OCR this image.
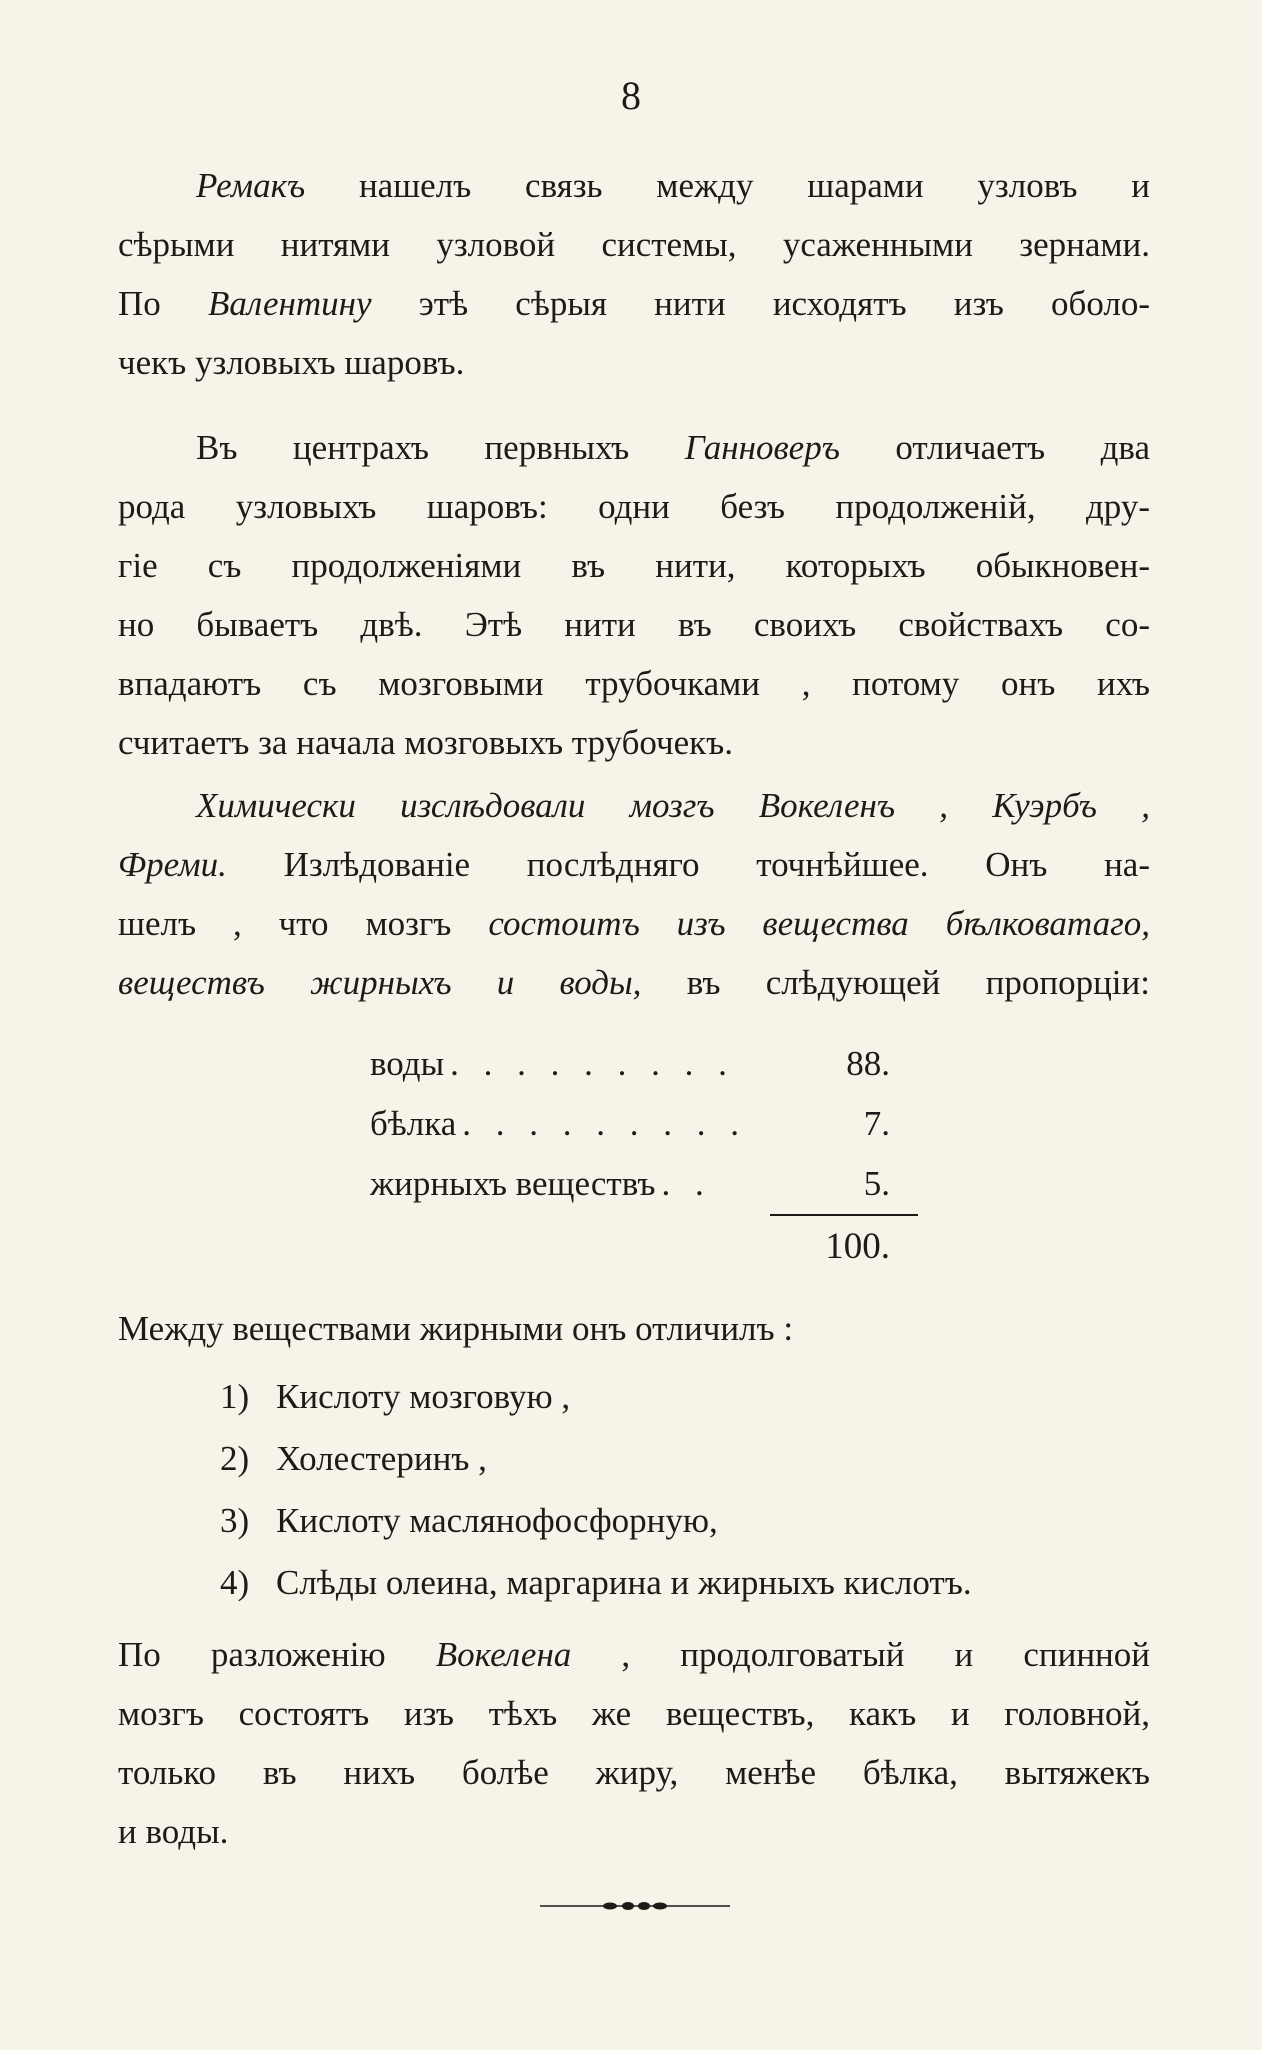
8
Ремакъ нашелъ связь между шарами узловъ и
сѣрыми нитями узловой системы, усаженными зернами.
По Валентину этѣ сѣрыя нити исходятъ изъ оболо-
чекъ узловыхъ шаровъ.
Въ центрахъ первныхъ Ганноверъ отличаетъ два
рода узловыхъ шаровъ: одни безъ продолженій, дру-
гіе съ продолженіями въ нити, которыхъ обыкновен-
но бываетъ двѣ. Этѣ нити въ своихъ свойствахъ со-
впадаютъ съ мозговыми трубочками , потому онъ ихъ
считаетъ за начала мозговыхъ трубочекъ.
Химически изслѣдовали мозгъ Вокеленъ , Куэрбъ ,
Фреми. Излѣдованіе послѣдняго точнѣйшее. Онъ на-
шелъ , что мозгъ состоитъ изъ вещества бѣлковатаго,
веществъ жирныхъ и воды, въ слѣдующей пропорціи:
воды . . . . . . . . .	88.
бѣлка . . . . . . . . .	7.
жирныхъ веществъ . .	5.
100.
Между веществами жирными онъ отличилъ :
1) Кислоту мозговую ,
2) Холестеринъ ,
3) Кислоту маслянофосфорную,
4) Слѣды олеина, маргарина и жирныхъ кислотъ.
По разложенію Вокелена , продолговатый и спинной
мозгъ состоятъ изъ тѣхъ же веществъ, какъ и головной,
только въ нихъ болѣе жиру, менѣе бѣлка, вытяжекъ
и воды.
